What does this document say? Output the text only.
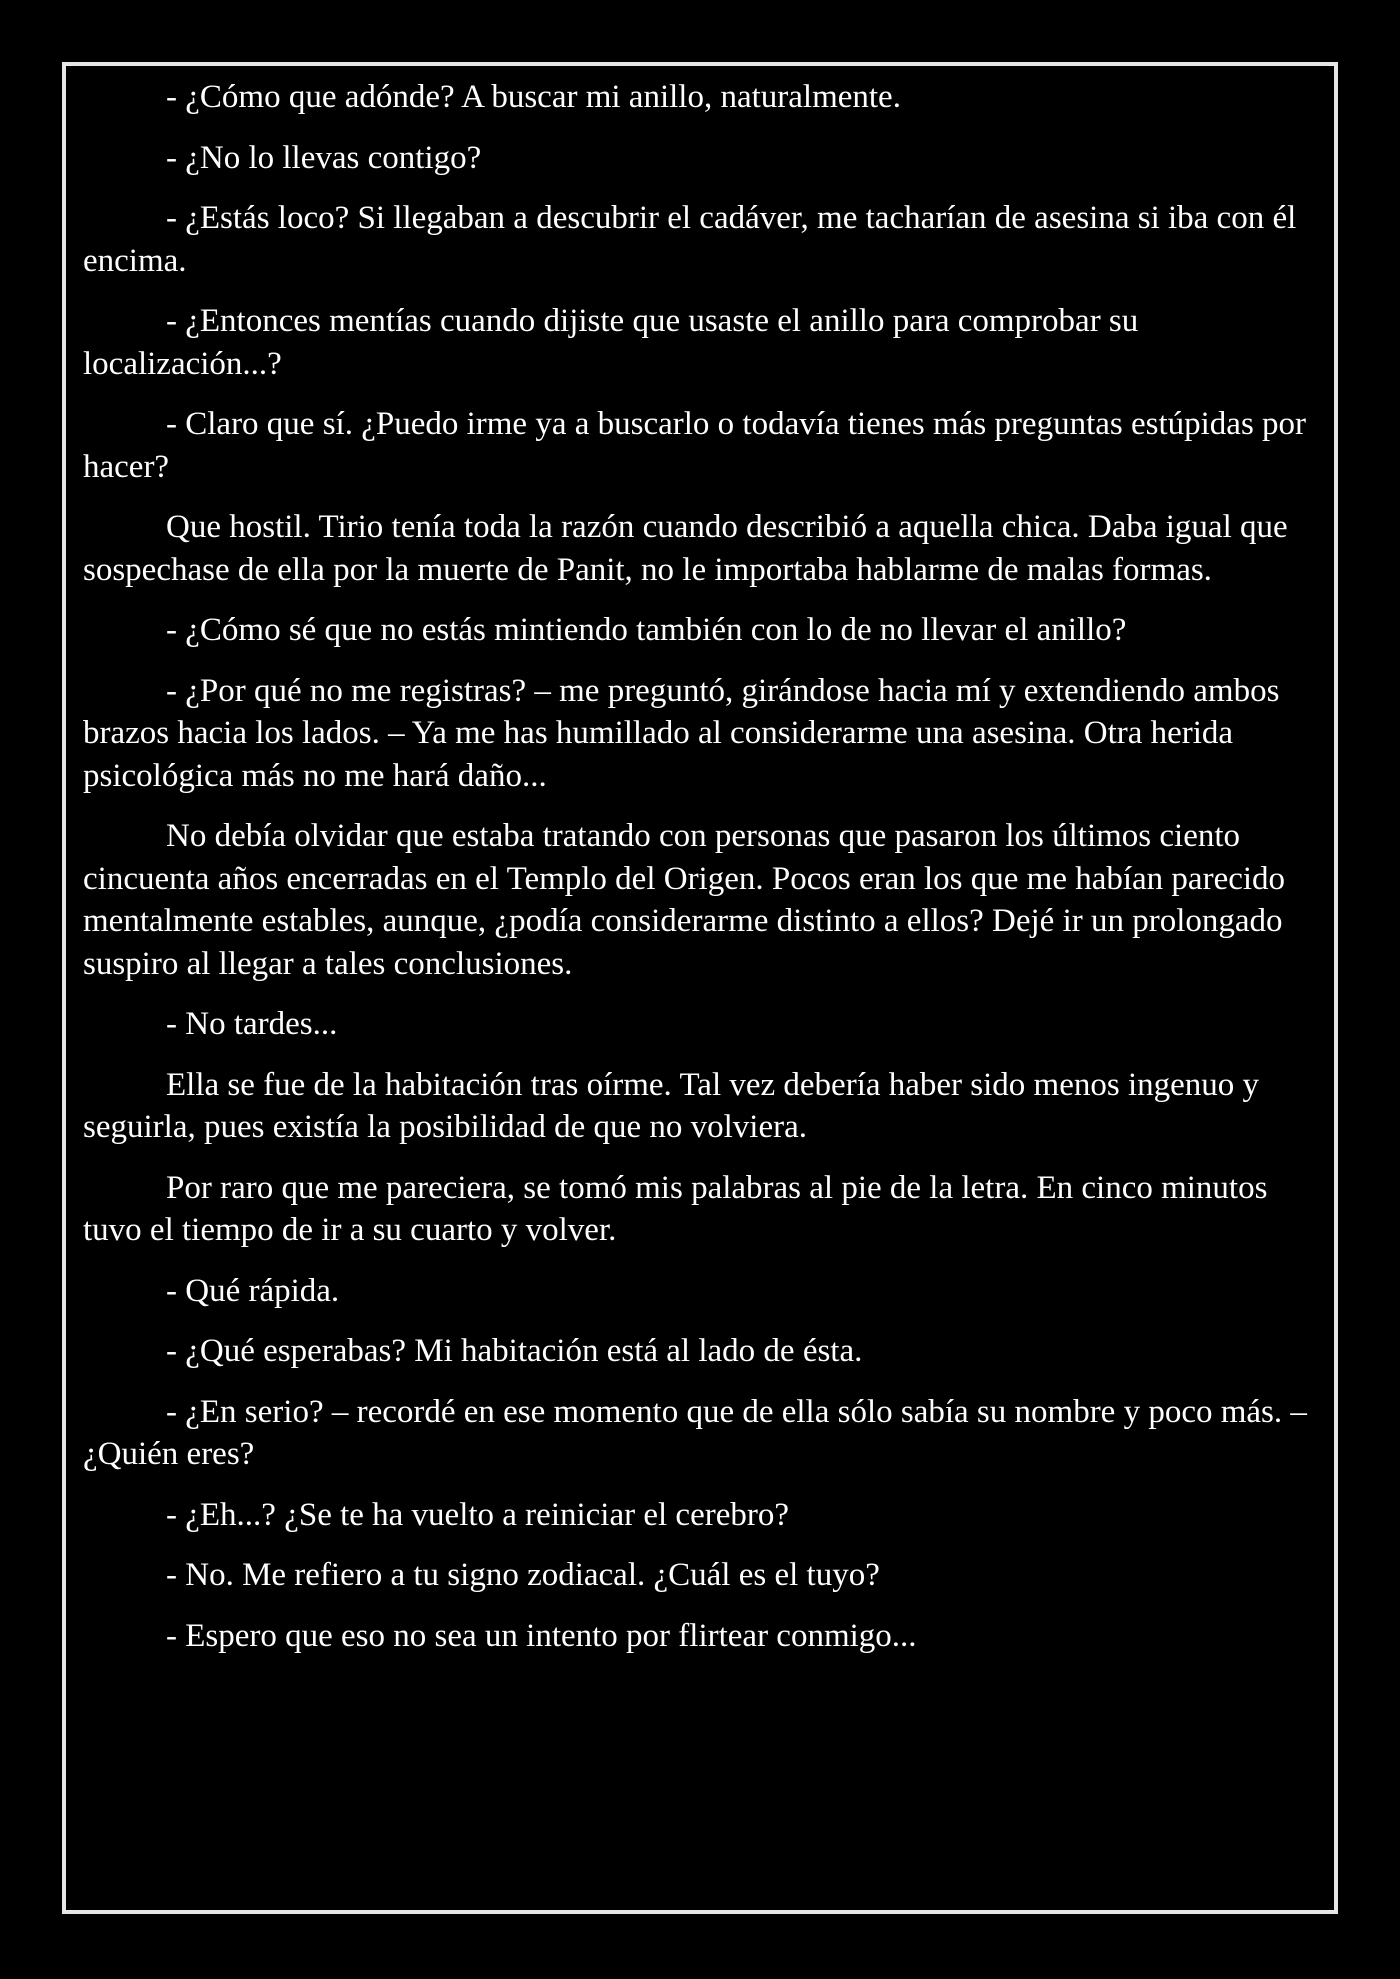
- ¿Cómo que adónde? A buscar mi anillo, naturalmente.

- ¿No lo llevas contigo?

- ¿Estás loco? Si llegaban a descubrir el cadáver, me tacharían de asesina si iba con él encima.

- ¿Entonces mentías cuando dijiste que usaste el anillo para comprobar su localización...?

- Claro que sí. ¿Puedo irme ya a buscarlo o todavía tienes más preguntas estúpidas por hacer?

Que hostil. Tirio tenía toda la razón cuando describió a aquella chica. Daba igual que sospechase de ella por la muerte de Panit, no le importaba hablarme de malas formas.

- ¿Cómo sé que no estás mintiendo también con lo de no llevar el anillo?

- ¿Por qué no me registras? – me preguntó, girándose hacia mí y extendiendo ambos brazos hacia los lados. – Ya me has humillado al considerarme una asesina. Otra herida psicológica más no me hará daño...

No debía olvidar que estaba tratando con personas que pasaron los últimos ciento cincuenta años encerradas en el Templo del Origen. Pocos eran los que me habían parecido mentalmente estables, aunque, ¿podía considerarme distinto a ellos? Dejé ir un prolongado suspiro al llegar a tales conclusiones.

- No tardes...

Ella se fue de la habitación tras oírme. Tal vez debería haber sido menos ingenuo y seguirla, pues existía la posibilidad de que no volviera.

Por raro que me pareciera, se tomó mis palabras al pie de la letra. En cinco minutos tuvo el tiempo de ir a su cuarto y volver.

- Qué rápida.

- ¿Qué esperabas? Mi habitación está al lado de ésta.

- ¿En serio? – recordé en ese momento que de ella sólo sabía su nombre y poco más. – ¿Quién eres?

- ¿Eh...? ¿Se te ha vuelto a reiniciar el cerebro?

- No. Me refiero a tu signo zodiacal. ¿Cuál es el tuyo?

- Espero que eso no sea un intento por flirtear conmigo...
